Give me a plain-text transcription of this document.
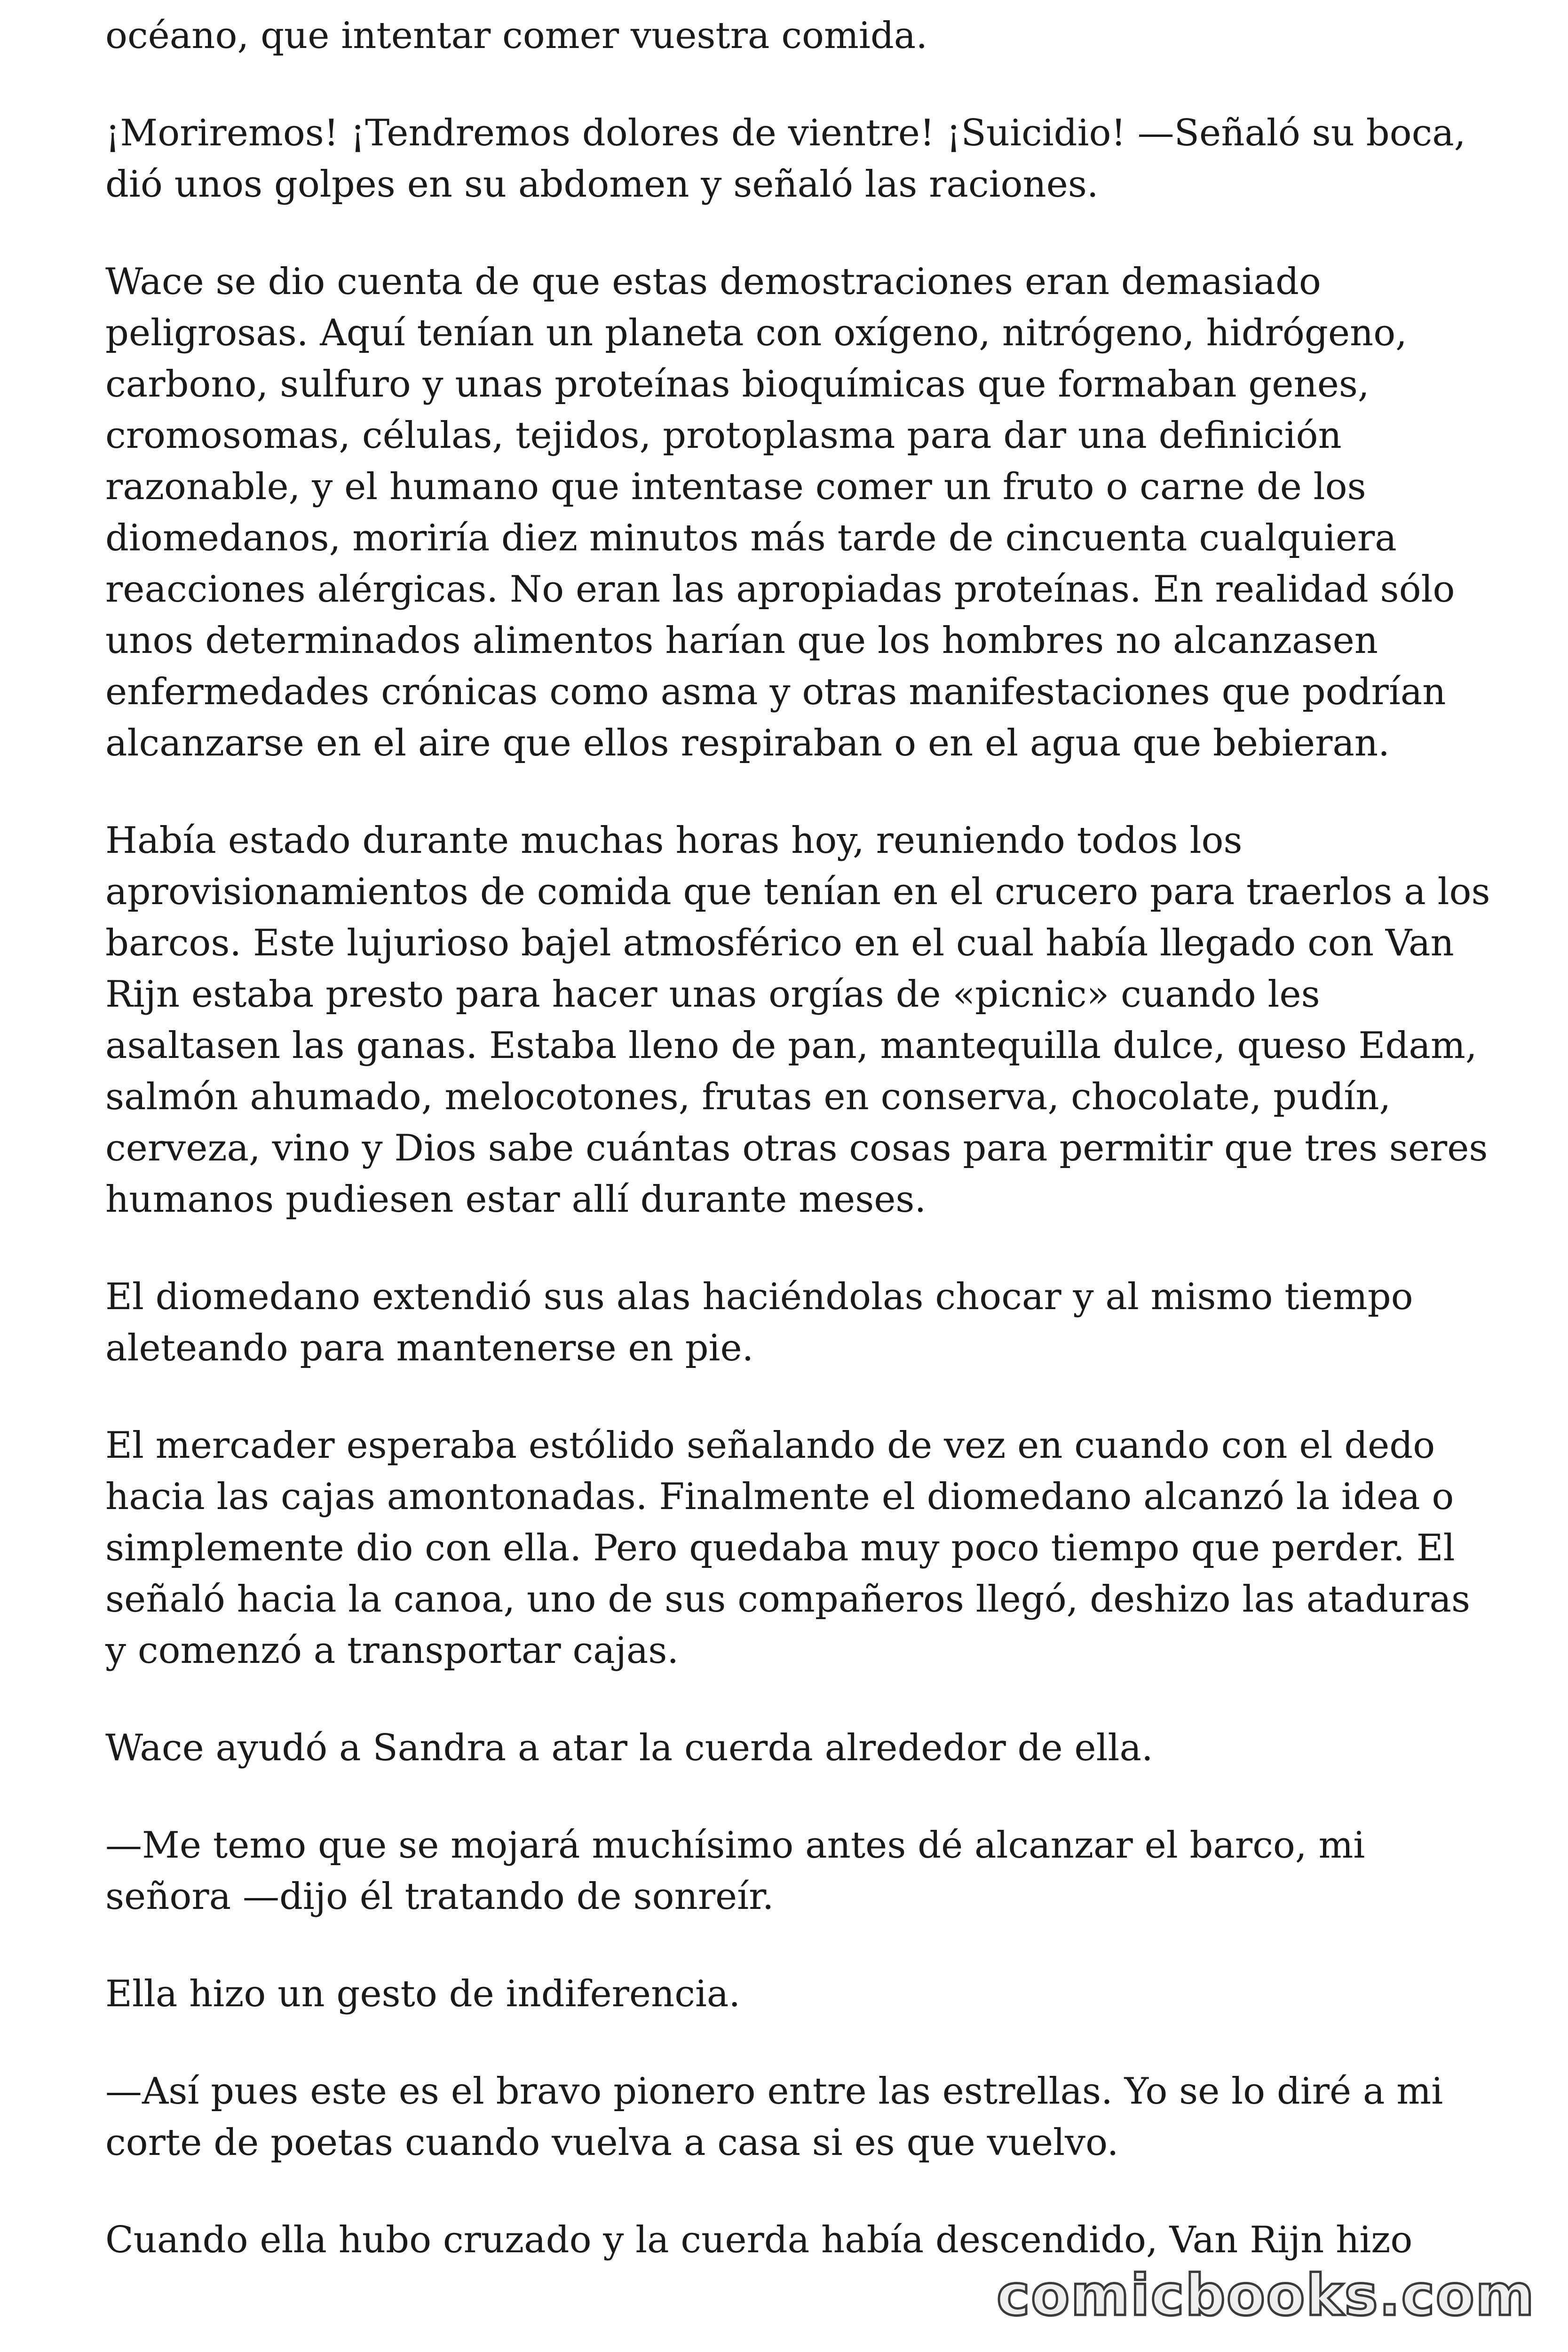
océano, que intentar comer vuestra comida.

¡Moriremos! ¡Tendremos dolores de vientre! ¡Suicidio! —Señaló su boca, dió unos golpes en su abdomen y señaló las raciones.

Wace se dio cuenta de que estas demostraciones eran demasiado peligrosas. Aquí tenían un planeta con oxígeno, nitrógeno, hidrógeno, carbono, sulfuro y unas proteínas bioquímicas que formaban genes, cromosomas, células, tejidos, protoplasma para dar una definición razonable, y el humano que intentase comer un fruto o carne de los diomedanos, moriría diez minutos más tarde de cincuenta cualquiera reacciones alérgicas. No eran las apropiadas proteínas. En realidad sólo unos determinados alimentos harían que los hombres no alcanzasen enfermedades crónicas como asma y otras manifestaciones que podrían alcanzarse en el aire que ellos respiraban o en el agua que bebieran.

Había estado durante muchas horas hoy, reuniendo todos los aprovisionamientos de comida que tenían en el crucero para traerlos a los barcos. Este lujurioso bajel atmosférico en el cual había llegado con Van Rijn estaba presto para hacer unas orgías de «picnic» cuando les asaltasen las ganas. Estaba lleno de pan, mantequilla dulce, queso Edam, salmón ahumado, melocotones, frutas en conserva, chocolate, pudín, cerveza, vino y Dios sabe cuántas otras cosas para permitir que tres seres humanos pudiesen estar allí durante meses.

El diomedano extendió sus alas haciéndolas chocar y al mismo tiempo aleteando para mantenerse en pie.

El mercader esperaba estólido señalando de vez en cuando con el dedo hacia las cajas amontonadas. Finalmente el diomedano alcanzó la idea o simplemente dio con ella. Pero quedaba muy poco tiempo que perder. El señaló hacia la canoa, uno de sus compañeros llegó, deshizo las ataduras y comenzó a transportar cajas.

Wace ayudó a Sandra a atar la cuerda alrededor de ella.

—Me temo que se mojará muchísimo antes dé alcanzar el barco, mi señora —dijo él tratando de sonreír.

Ella hizo un gesto de indiferencia.

—Así pues este es el bravo pionero entre las estrellas. Yo se lo diré a mi corte de poetas cuando vuelva a casa si es que vuelvo.

Cuando ella hubo cruzado y la cuerda había descendido, Van Rijn hizo

comicbooks.com
